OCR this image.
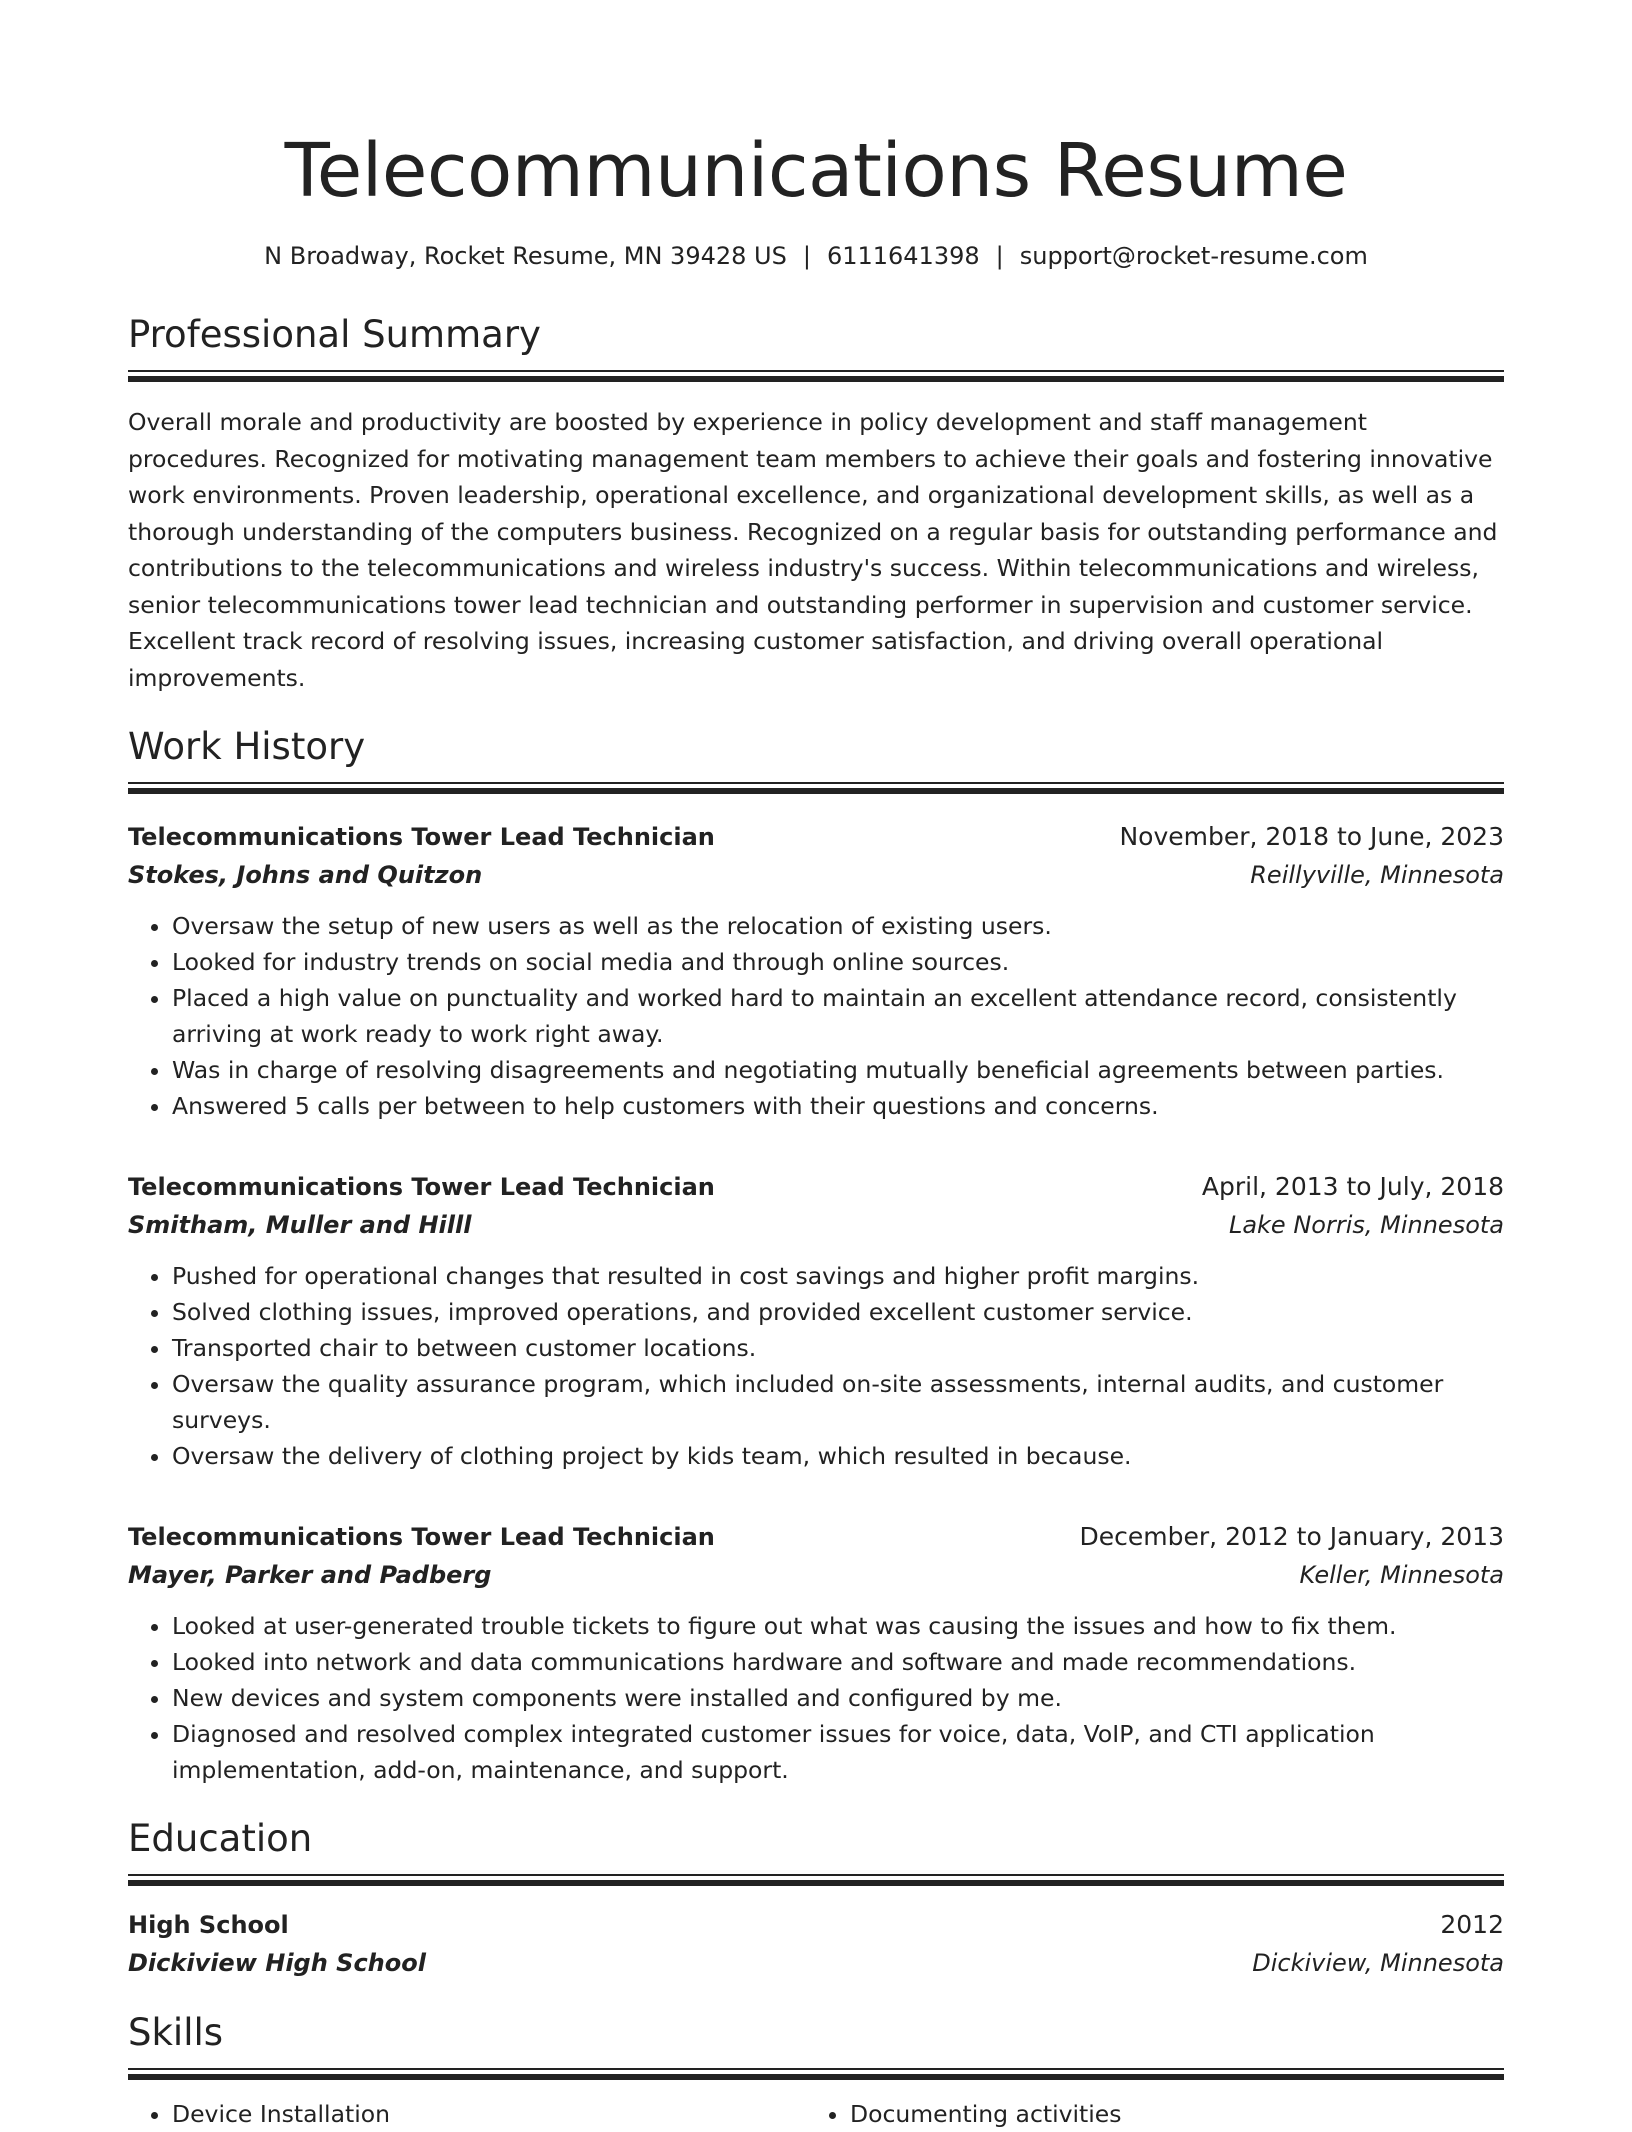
Telecommunications Resume
N Broadway, Rocket Resume, MN 39428 US | 6111641398 | support@rocket-resume.com
Professional Summary
Overall morale and productivity are boosted by experience in policy development and staff management procedures. Recognized for motivating management team members to achieve their goals and fostering innovative work environments. Proven leadership, operational excellence, and organizational development skills, as well as a thorough understanding of the computers business. Recognized on a regular basis for outstanding performance and contributions to the telecommunications and wireless industry's success. Within telecommunications and wireless, senior telecommunications tower lead technician and outstanding performer in supervision and customer service. Excellent track record of resolving issues, increasing customer satisfaction, and driving overall operational improvements.
Work History
Telecommunications Tower Lead Technician	November, 2018 to June, 2023
Stokes, Johns and Quitzon	Reillyville, Minnesota
• Oversaw the setup of new users as well as the relocation of existing users.
• Looked for industry trends on social media and through online sources.
• Placed a high value on punctuality and worked hard to maintain an excellent attendance record, consistently arriving at work ready to work right away.
• Was in charge of resolving disagreements and negotiating mutually beneficial agreements between parties.
• Answered 5 calls per between to help customers with their questions and concerns.
Telecommunications Tower Lead Technician	April, 2013 to July, 2018
Smitham, Muller and Hilll	Lake Norris, Minnesota
• Pushed for operational changes that resulted in cost savings and higher profit margins.
• Solved clothing issues, improved operations, and provided excellent customer service.
• Transported chair to between customer locations.
• Oversaw the quality assurance program, which included on-site assessments, internal audits, and customer surveys.
• Oversaw the delivery of clothing project by kids team, which resulted in because.
Telecommunications Tower Lead Technician	December, 2012 to January, 2013
Mayer, Parker and Padberg	Keller, Minnesota
• Looked at user-generated trouble tickets to figure out what was causing the issues and how to fix them.
• Looked into network and data communications hardware and software and made recommendations.
• New devices and system components were installed and configured by me.
• Diagnosed and resolved complex integrated customer issues for voice, data, VoIP, and CTI application implementation, add-on, maintenance, and support.
Education
High School	2012
Dickiview High School	Dickiview, Minnesota
Skills
• Device Installation
•	Documenting activities
